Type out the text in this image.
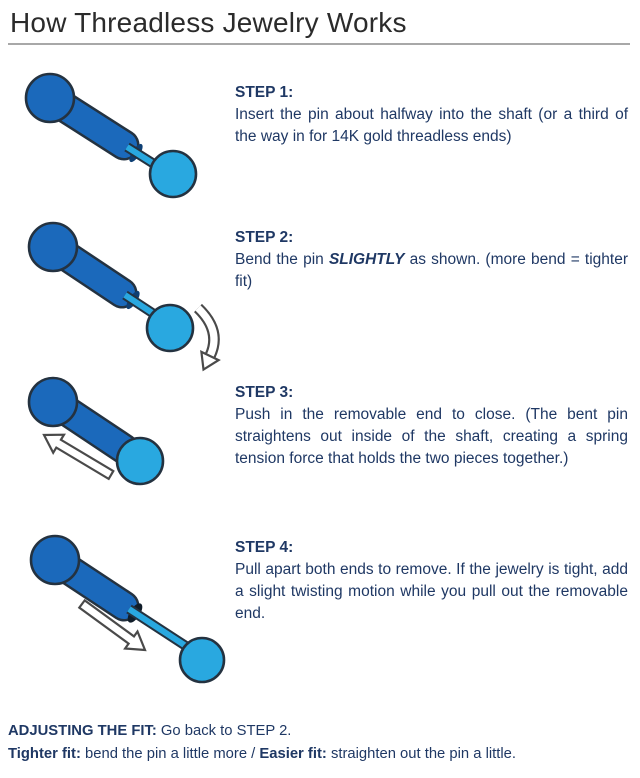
How Threadless Jewelry Works
STEP 1:
Insert the pin about halfway into the shaft (or a third of the way in for 14K gold threadless ends)
STEP 2:
Bend the pin SLIGHTLY as shown. (more bend = tighter fit)
STEP 3:
Push in the removable end to close. (The bent pin straightens out inside of the shaft, creating a spring tension force that holds the two pieces together.)
STEP 4:
Pull apart both ends to remove. If the jewelry is tight, add a slight twisting motion while you pull out the removable end.
ADJUSTING THE FIT: Go back to STEP 2.
Tighter fit: bend the pin a little more / Easier fit: straighten out the pin a little.
